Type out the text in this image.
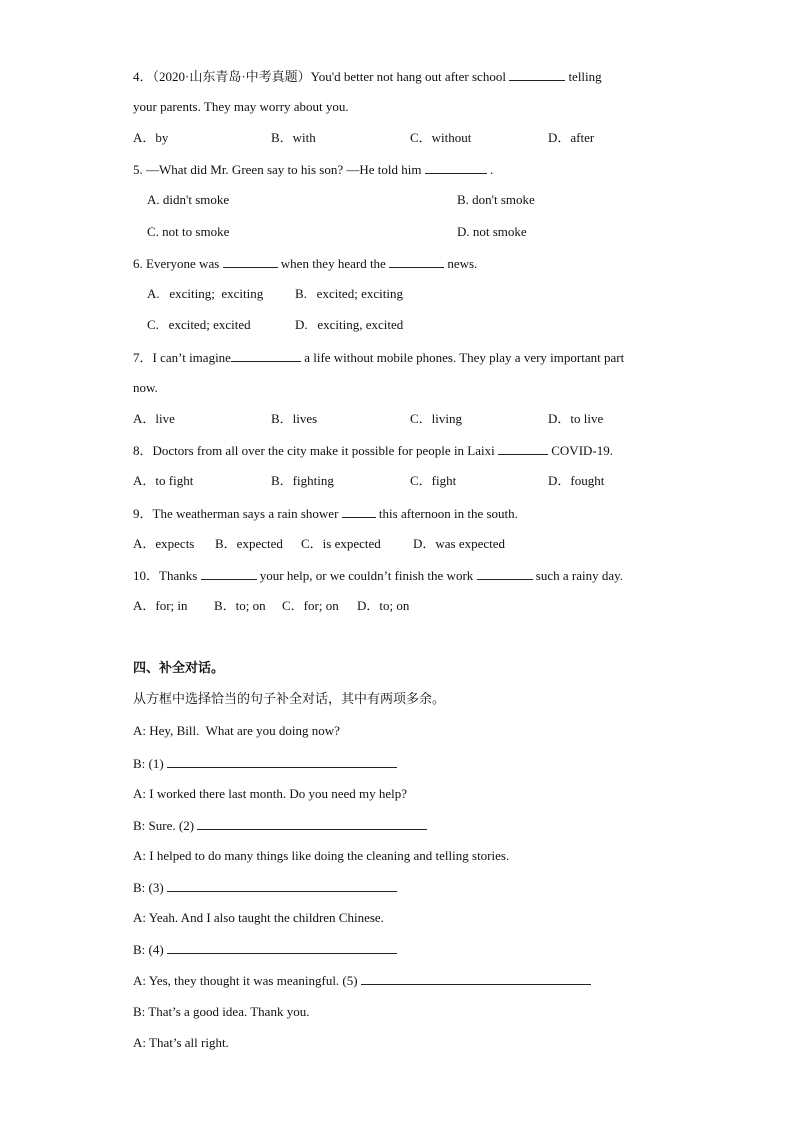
4．（2020·山东青岛·中考真题）You'd better not hang out after school	telling
your parents. They may worry about you.
A．by	B．with	C．without	D．after
5. —What did Mr. Green say to his son? —He told him	.
A. didn't smoke	B. don't smoke
C. not to smoke	D. not smoke
6. Everyone was	when they heard the	news.
A.   exciting;  exciting B.   excited; exciting
C.   excited; excited	D.   exciting, excited
7．I can’t imagine	a life without mobile phones. They play a very important part
now.
A．live	B．lives	C．living	D．to live
8．Doctors from all over the city make it possible for people in Laixi	COVID-19.
A．to fight	B．fighting	C．fight	D．fought
9．The weatherman says a rain shower	this afternoon in the south.
A．expects B．expected C．is expected D．was expected
10．Thanks	your help, or we couldn’t finish the work	such a rainy day.
A．for; in B．to; on C．for; on D．to; on
四、补全对话。
从方框中选择恰当的句子补全对话，其中有两项多余。
A: Hey, Bill.  What are you doing now?
B: (1)
A: I worked there last month. Do you need my help?
B: Sure. (2)
A: I helped to do many things like doing the cleaning and telling stories.
B: (3)
A: Yeah. And I also taught the children Chinese.
B: (4)
A: Yes, they thought it was meaningful. (5)
B: That’s a good idea. Thank you.
A: That’s all right.
